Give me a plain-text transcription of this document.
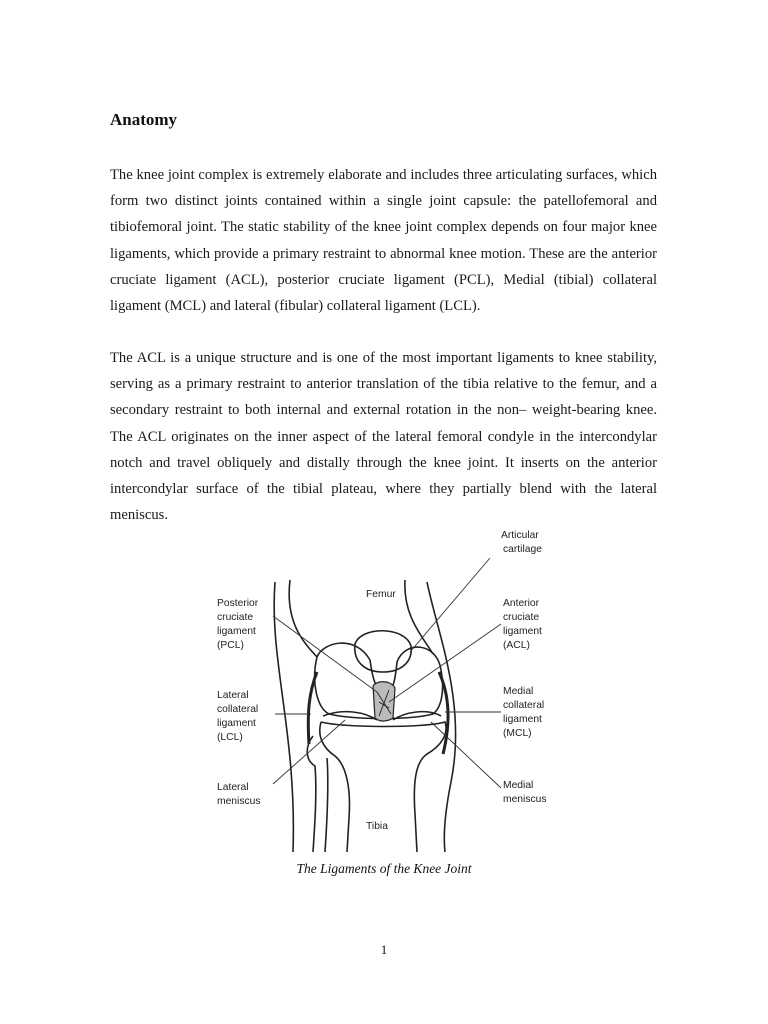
Anatomy

The knee joint complex is extremely elaborate and includes three articulating surfaces, which form two distinct joints contained within a single joint capsule: the patellofemoral and tibiofemoral joint. The static stability of the knee joint complex depends on four major knee ligaments, which provide a primary restraint to abnormal knee motion. These are the anterior cruciate ligament (ACL), posterior cruciate ligament (PCL), Medial (tibial) collateral ligament (MCL) and lateral (fibular) collateral ligament (LCL).

The ACL is a unique structure and is one of the most important ligaments to knee stability, serving as a primary restraint to anterior translation of the tibia relative to the femur, and a secondary restraint to both internal and external rotation in the non– weight-bearing knee. The ACL originates on the inner aspect of the lateral femoral condyle in the intercondylar notch and travel obliquely and distally through the knee joint. It inserts on the anterior intercondylar surface of the tibial plateau, where they partially blend with the lateral meniscus.

Articular cartilage
Femur
Posterior cruciate ligament (PCL)
Anterior cruciate ligament (ACL)
Lateral collateral ligament (LCL)
Medial collateral ligament (MCL)
Lateral meniscus
Medial meniscus
Tibia
The Ligaments of the Knee Joint
1
